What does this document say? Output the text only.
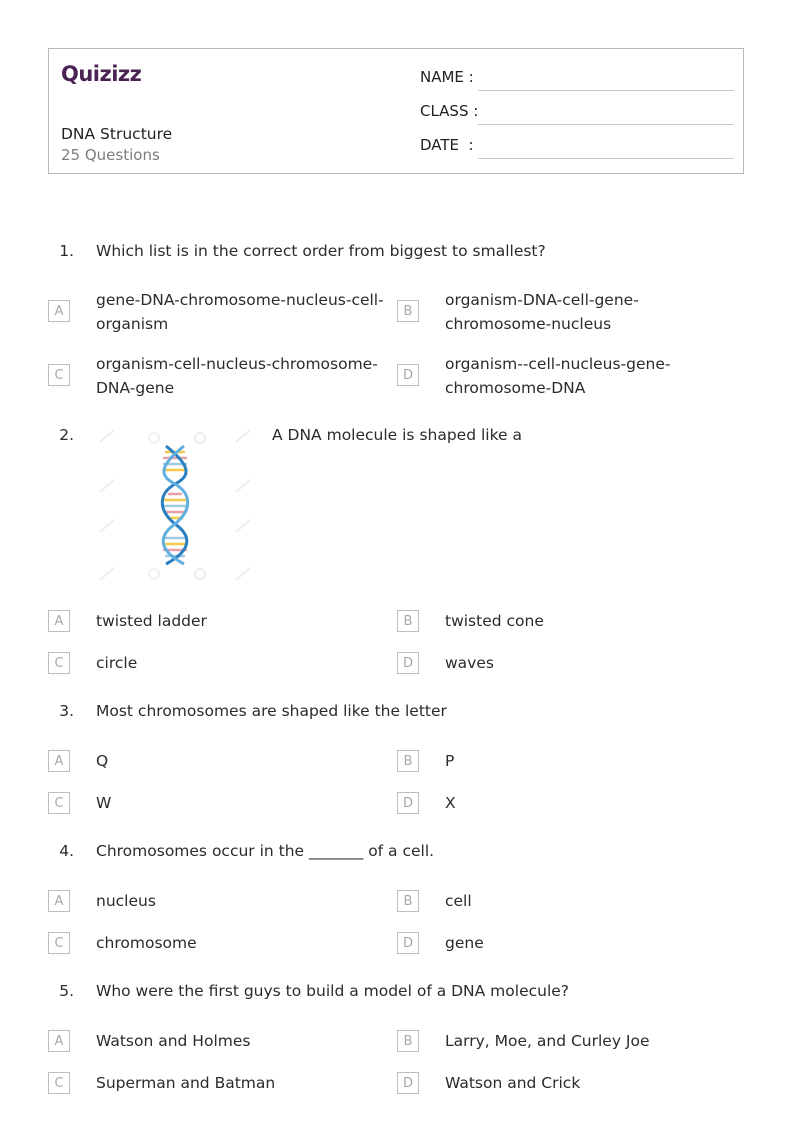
Quizizz
DNA Structure
25 Questions
NAME :
CLASS :
DATE  :
1. Which list is in the correct order from biggest to smallest?
A
gene-DNA-chromosome-nucleus-cell-organism
B
organism-DNA-cell-gene-chromosome-nucleus
C
organism-cell-nucleus-chromosome-DNA-gene
D
organism--cell-nucleus-gene-chromosome-DNA
2.	A DNA molecule is shaped like a
A	twisted ladder	B	twisted cone
C	circle	D	waves
3. Most chromosomes are shaped like the letter
A	Q	B	P
C	W	D	X
4. Chromosomes occur in the _______ of a cell.
A	nucleus	B	cell
C	chromosome	D	gene
5. Who were the first guys to build a model of a DNA molecule?
A	Watson and Holmes	B	Larry, Moe, and Curley Joe
C	Superman and Batman	D	Watson and Crick
